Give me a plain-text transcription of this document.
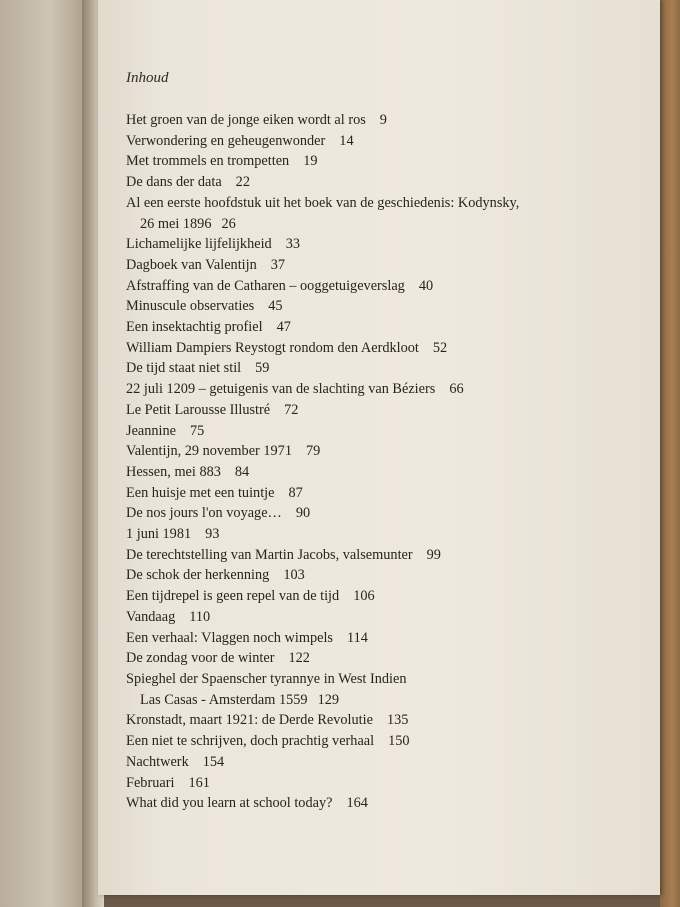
Inhoud
Het groen van de jonge eiken wordt al ros 9
Verwondering en geheugenwonder 14
Met trommels en trompetten 19
De dans der data 22
Al een eerste hoofdstuk uit het boek van de geschiedenis: Kodynsky,
26 mei 1896 26
Lichamelijke lijfelijkheid 33
Dagboek van Valentijn 37
Afstraffing van de Catharen – ooggetuigeverslag 40
Minuscule observaties 45
Een insektachtig profiel 47
William Dampiers Reystogt rondom den Aerdkloot 52
De tijd staat niet stil 59
22 juli 1209 – getuigenis van de slachting van Béziers 66
Le Petit Larousse Illustré 72
Jeannine 75
Valentijn, 29 november 1971 79
Hessen, mei 883 84
Een huisje met een tuintje 87
De nos jours l'on voyage… 90
1 juni 1981 93
De terechtstelling van Martin Jacobs, valsemunter 99
De schok der herkenning 103
Een tijdrepel is geen repel van de tijd 106
Vandaag 110
Een verhaal: Vlaggen noch wimpels 114
De zondag voor de winter 122
Spieghel der Spaenscher tyrannye in West Indien
Las Casas - Amsterdam 1559 129
Kronstadt, maart 1921: de Derde Revolutie 135
Een niet te schrijven, doch prachtig verhaal 150
Nachtwerk 154
Februari 161
What did you learn at school today? 164
